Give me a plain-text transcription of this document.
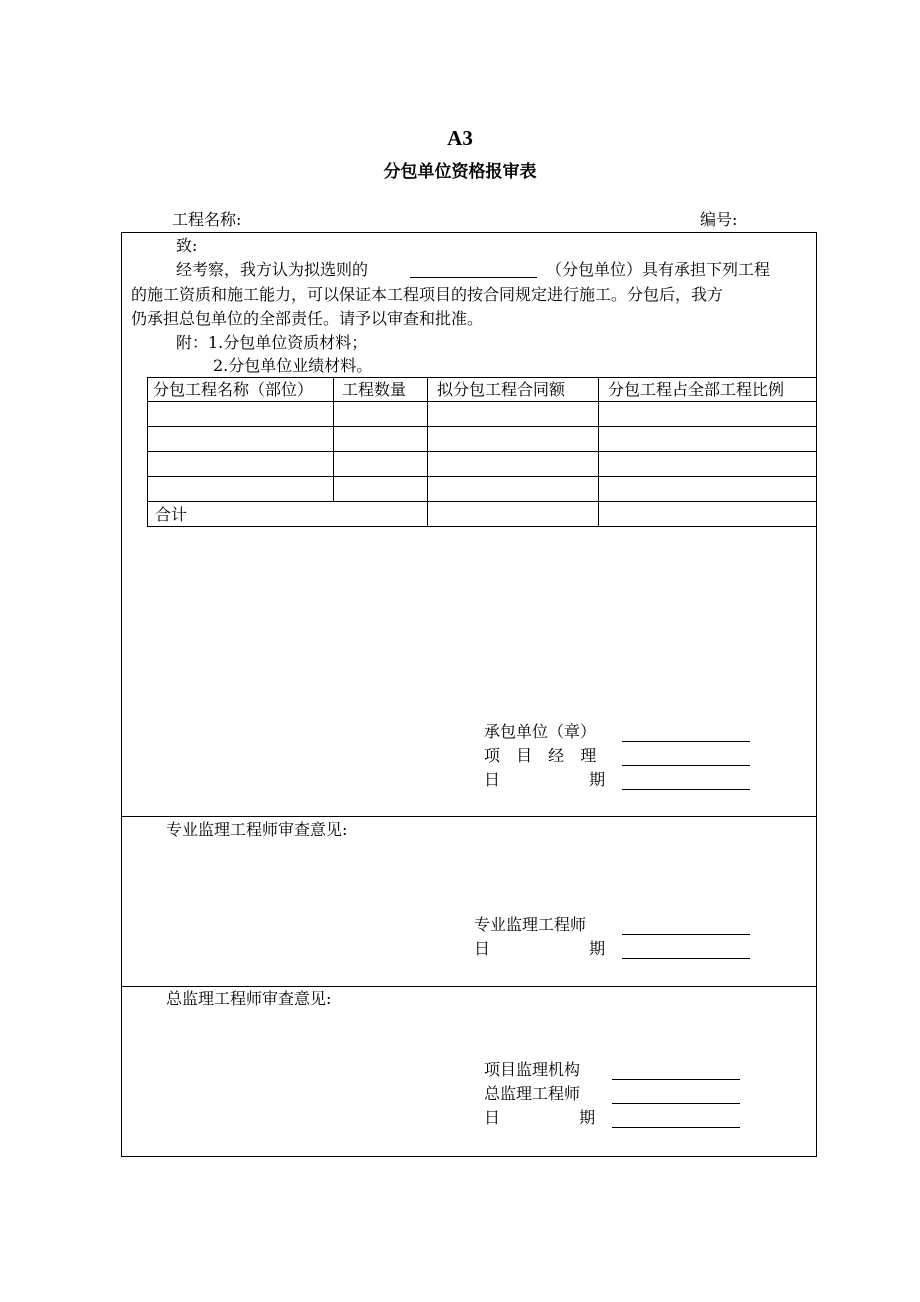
A3
分包单位资格报审表
工程名称:	编号:
致:
经考察，我方认为拟选则的	（分包单位）具有承担下列工程
的施工资质和施工能力，可以保证本工程项目的按合同规定进行施工。分包后，我方
仍承担总包单位的全部责任。请予以审查和批准。
附：1.分包单位资质材料；
2.分包单位业绩材料。
分包工程名称（部位） 工程数量 拟分包工程合同额	分包工程占全部工程比例
合计
承包单位（章）
项 目 经 理
日 期
专业监理工程师审查意见:
专业监理工程师
日 期
总监理工程师审查意见:
项目监理机构
总监理工程师
日 期
